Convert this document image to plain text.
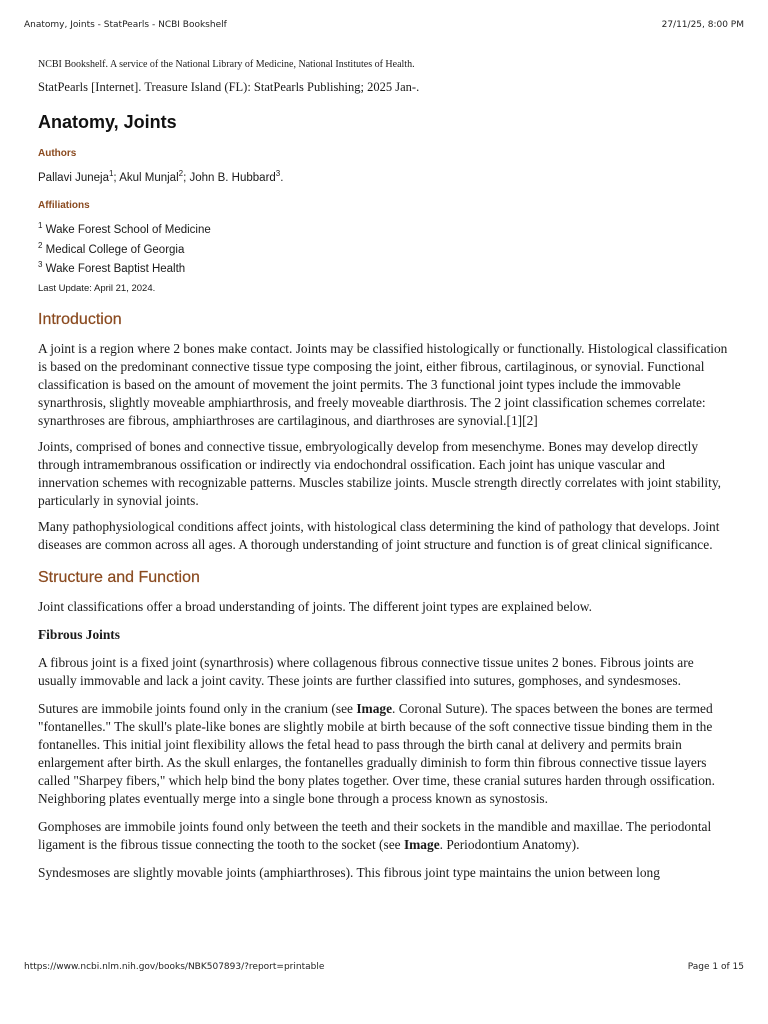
Anatomy, Joints - StatPearls - NCBI Bookshelf	27/11/25, 8:00 PM

NCBI Bookshelf. A service of the National Library of Medicine, National Institutes of Health.

StatPearls [Internet]. Treasure Island (FL): StatPearls Publishing; 2025 Jan-.

Anatomy, Joints
Authors
Pallavi Juneja$^1$; Akul Munjal$^2$; John B. Hubbard$^3$.
Affiliations
$^1$ Wake Forest School of Medicine
$^2$ Medical College of Georgia
$^3$ Wake Forest Baptist Health
Last Update: April 21, 2024.
Introduction

A joint is a region where 2 bones make contact. Joints may be classified histologically or functionally. Histological classification is based on the predominant connective tissue type composing the joint, either fibrous, cartilaginous, or synovial. Functional classification is based on the amount of movement the joint permits. The 3 functional joint types include the immovable synarthrosis, slightly moveable amphiarthrosis, and freely moveable diarthrosis. The 2 joint classification schemes correlate: synarthroses are fibrous, amphiarthroses are cartilaginous, and diarthroses are synovial.[1][2]

Joints, comprised of bones and connective tissue, embryologically develop from mesenchyme. Bones may develop directly through intramembranous ossification or indirectly via endochondral ossification. Each joint has unique vascular and innervation schemes with recognizable patterns. Muscles stabilize joints. Muscle strength directly correlates with joint stability, particularly in synovial joints.

Many pathophysiological conditions affect joints, with histological class determining the kind of pathology that develops. Joint diseases are common across all ages. A thorough understanding of joint structure and function is of great clinical significance.

Structure and Function

Joint classifications offer a broad understanding of joints. The different joint types are explained below.

Fibrous Joints

A fibrous joint is a fixed joint (synarthrosis) where collagenous fibrous connective tissue unites 2 bones. Fibrous joints are usually immovable and lack a joint cavity. These joints are further classified into sutures, gomphoses, and syndesmoses.

Sutures are immobile joints found only in the cranium (see Image. Coronal Suture). The spaces between the bones are termed "fontanelles." The skull's plate-like bones are slightly mobile at birth because of the soft connective tissue binding them in the fontanelles. This initial joint flexibility allows the fetal head to pass through the birth canal at delivery and permits brain enlargement after birth. As the skull enlarges, the fontanelles gradually diminish to form thin fibrous connective tissue layers called "Sharpey fibers," which help bind the bony plates together. Over time, these cranial sutures harden through ossification. Neighboring plates eventually merge into a single bone through a process known as synostosis.

Gomphoses are immobile joints found only between the teeth and their sockets in the mandible and maxillae. The periodontal ligament is the fibrous tissue connecting the tooth to the socket (see Image. Periodontium Anatomy).

Syndesmoses are slightly movable joints (amphiarthroses). This fibrous joint type maintains the union between long

https://www.ncbi.nlm.nih.gov/books/NBK507893/?report=printable	Page 1 of 15
